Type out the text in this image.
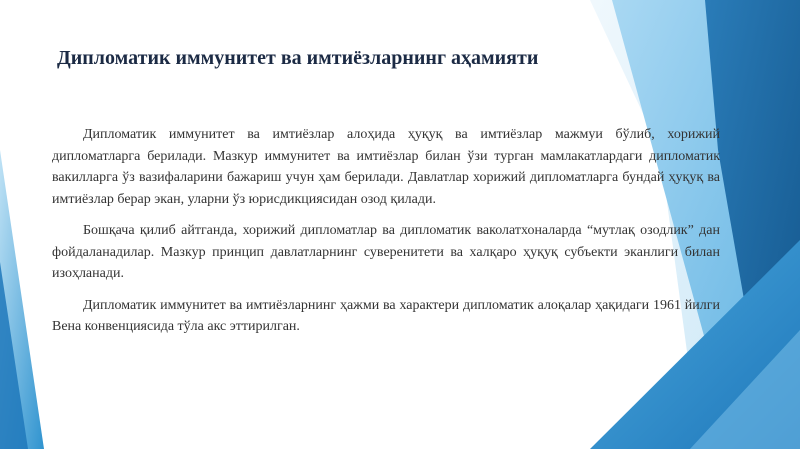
Дипломатик иммунитет ва имтиёзларнинг аҳамияти

Дипломатик иммунитет ва имтиёзлар алоҳида ҳуқуқ ва имтиёзлар мажмуи бўлиб, хорижий дипломатларга берилади. Мазкур иммунитет ва имтиёзлар билан ўзи турган мамлакатлардаги дипломатик вакилларга ўз вазифаларини бажариш учун ҳам берилади. Давлатлар хорижий дипломатларга бундай ҳуқуқ ва имтиёзлар берар экан, уларни ўз юрисдикциясидан озод қилади.

Бошқача қилиб айтганда, хорижий дипломатлар ва дипломатик ваколатхоналарда “мутлақ озодлик” дан фойдаланадилар. Мазкур принцип давлатларнинг суверенитети ва халқаро ҳуқуқ субъекти эканлиги билан изоҳланади.

Дипломатик иммунитет ва имтиёзларнинг ҳажми ва характери дипломатик алоқалар ҳақидаги 1961 йилги Вена конвенциясида тўла акс эттирилган.
